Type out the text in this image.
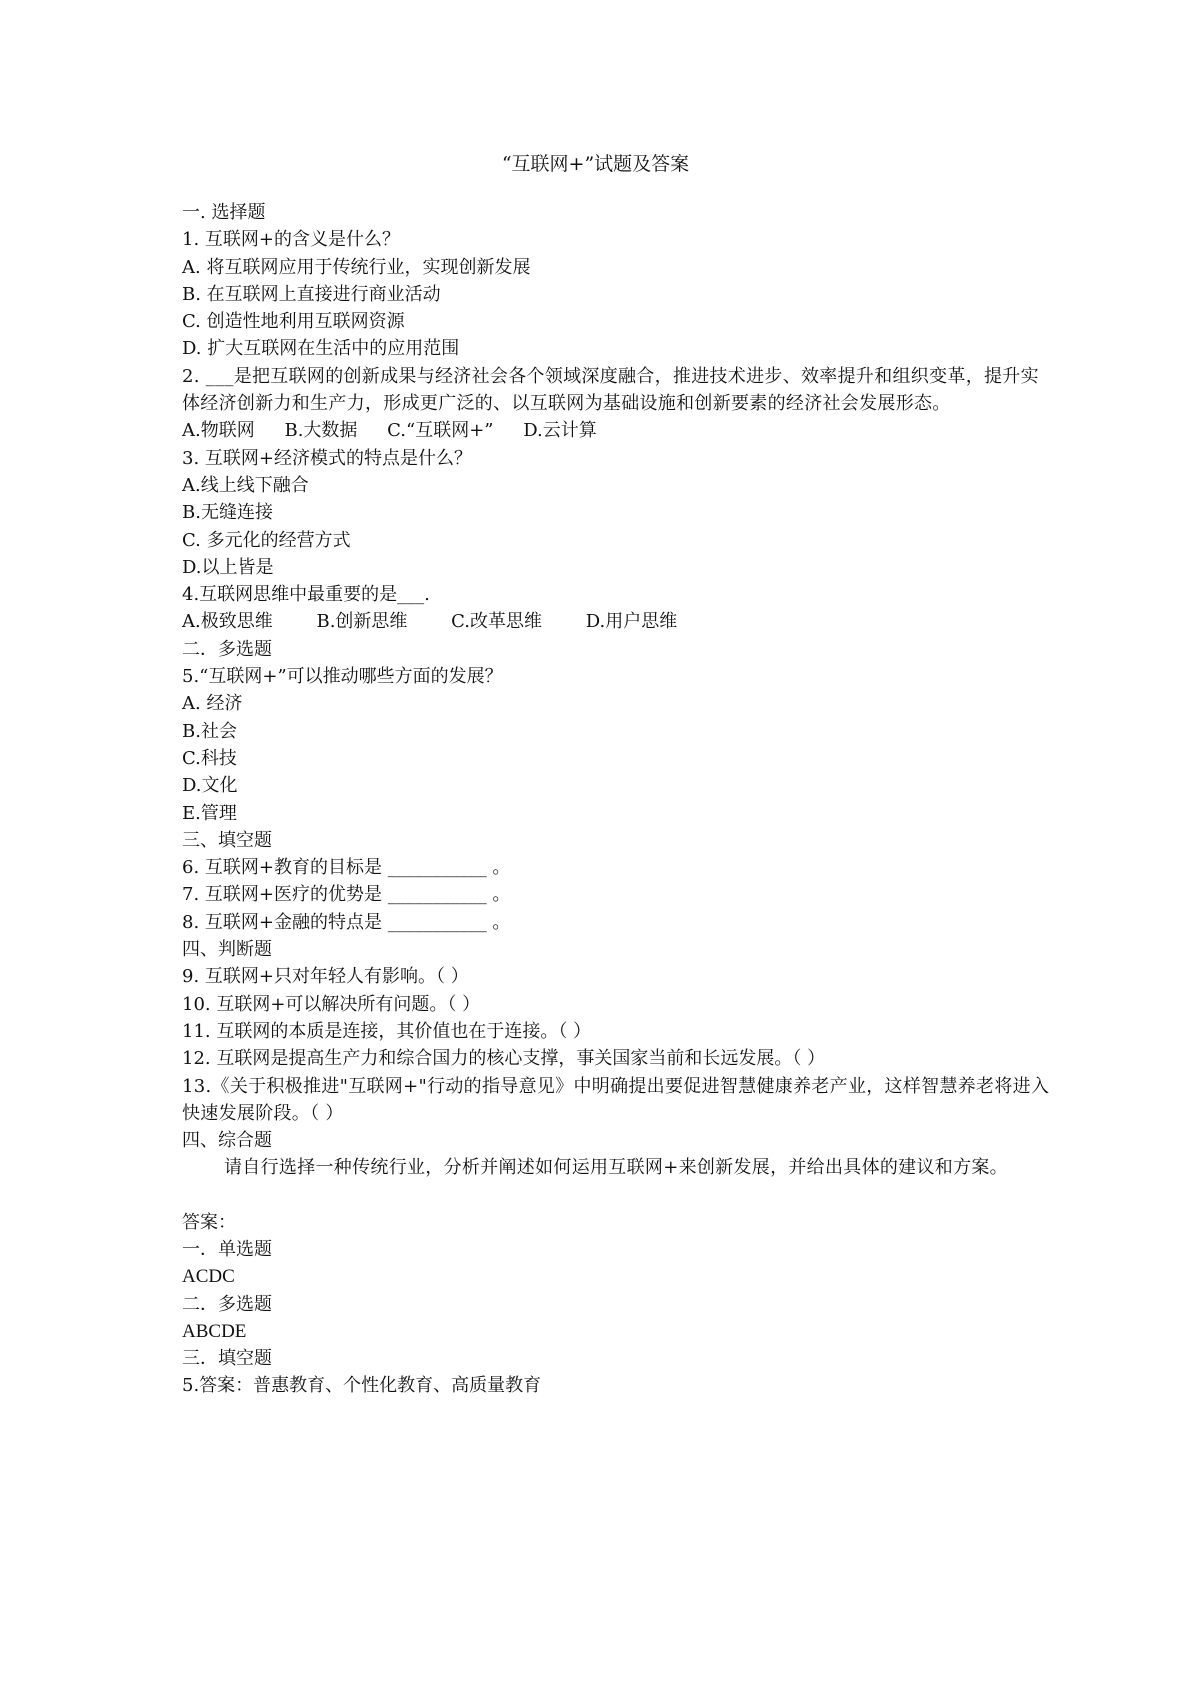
“互联网+”试题及答案
一. 选择题
1. 互联网+的含义是什么？
A. 将互联网应用于传统行业，实现创新发展
B. 在互联网上直接进行商业活动
C. 创造性地利用互联网资源
D. 扩大互联网在生活中的应用范围
2. ___是把互联网的创新成果与经济社会各个领域深度融合，推进技术进步、效率提升和组织变革，提升实体经济创新力和生产力，形成更广泛的、以互联网为基础设施和创新要素的经济社会发展形态。
A.物联网 B.大数据 C.“互联网+” D.云计算
3. 互联网+经济模式的特点是什么？
A.线上线下融合
B.无缝连接
C. 多元化的经营方式
D.以上皆是
4.互联网思维中最重要的是___.
A.极致思维 B.创新思维 C.改革思维 D.用户思维
二．多选题
5.“互联网+”可以推动哪些方面的发展？
A. 经济
B.社会
C.科技
D.文化
E.管理
三、填空题
6. 互联网+教育的目标是 ___________ 。
7. 互联网+医疗的优势是 ___________ 。
8. 互联网+金融的特点是 ___________ 。
四、判断题
9. 互联网+只对年轻人有影响。（ ）
10. 互联网+可以解决所有问题。（ ）
11. 互联网的本质是连接，其价值也在于连接。（ ）
12. 互联网是提高生产力和综合国力的核心支撑，事关国家当前和长远发展。（ ）
13.《关于积极推进"互联网+"行动的指导意见》中明确提出要促进智慧健康养老产业，这样智慧养老将进入快速发展阶段。（ ）
四、综合题
请自行选择一种传统行业，分析并阐述如何运用互联网+来创新发展，并给出具体的建议和方案。
答案：
一．单选题
ACDC
二．多选题
ABCDE
三．填空题
5.答案：普惠教育、个性化教育、高质量教育
